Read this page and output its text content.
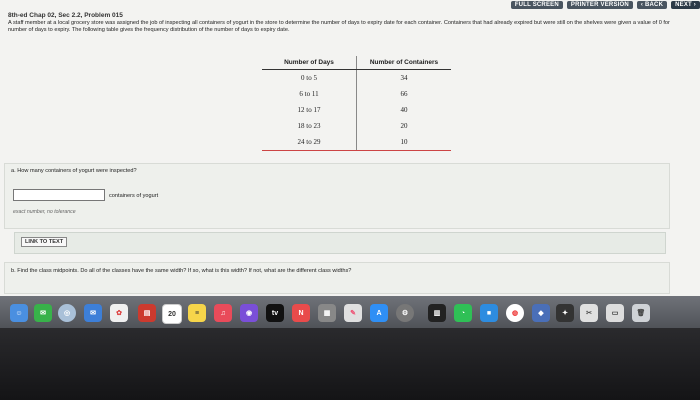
FULL SCREEN	PRINTER VERSION	‹ BACK	NEXT ›
8th-ed Chap 02, Sec 2.2, Problem 015
A staff member at a local grocery store was assigned the job of inspecting all containers of yogurt in the store to determine the number of days to expiry date for each container. Containers that had already expired but were still on the shelves were given a value of 0 for number of days to expiry. The following table gives the frequency distribution of the number of days to expiry date.
Number of Days	Number of Containers
0 to 5	34
6 to 11	66
12 to 17	40
18 to 23	20
24 to 29	10
a. How many containers of yogurt were inspected?
containers of yogurt
exact number, no tolerance
LINK TO TEXT
b. Find the class midpoints. Do all of the classes have the same width? If so, what is this width? If not, what are the different class widths?
☺	✉	◎	✉	✿	▤	20	≡	♫	◉	tv	N	▦	✎	A	⚙	▥	◔	■	◍	◆	✦	✂	▭	🗑
